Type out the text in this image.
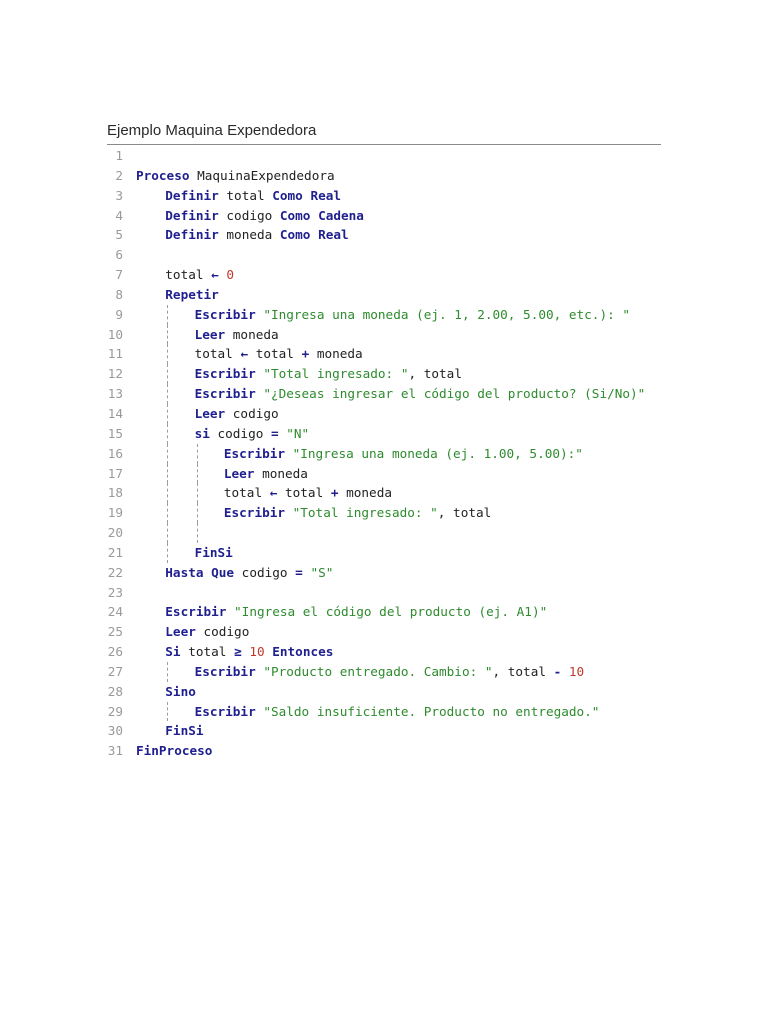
Ejemplo Maquina Expendedora
1
2 Proceso MaquinaExpendedora
3	Definir total Como Real
4	Definir codigo Como Cadena
5	Definir moneda Como Real
6
7	total ← 0
8	Repetir
9	Escribir "Ingresa una moneda (ej. 1, 2.00, 5.00, etc.): "
10	Leer moneda
11	total ← total + moneda
12	Escribir "Total ingresado: ", total
13	Escribir "¿Deseas ingresar el código del producto? (Si/No)"
14	Leer codigo
15	si codigo = "N"
16	Escribir "Ingresa una moneda (ej. 1.00, 5.00):"
17	Leer moneda
18	total ← total + moneda
19	Escribir "Total ingresado: ", total
20
21	FinSi
22	Hasta Que codigo = "S"
23
24	Escribir "Ingresa el código del producto (ej. A1)"
25	Leer codigo
26	Si total ≥ 10 Entonces
27	Escribir "Producto entregado. Cambio: ", total - 10
28	Sino
29	Escribir "Saldo insuficiente. Producto no entregado."
30	FinSi
31 FinProceso
